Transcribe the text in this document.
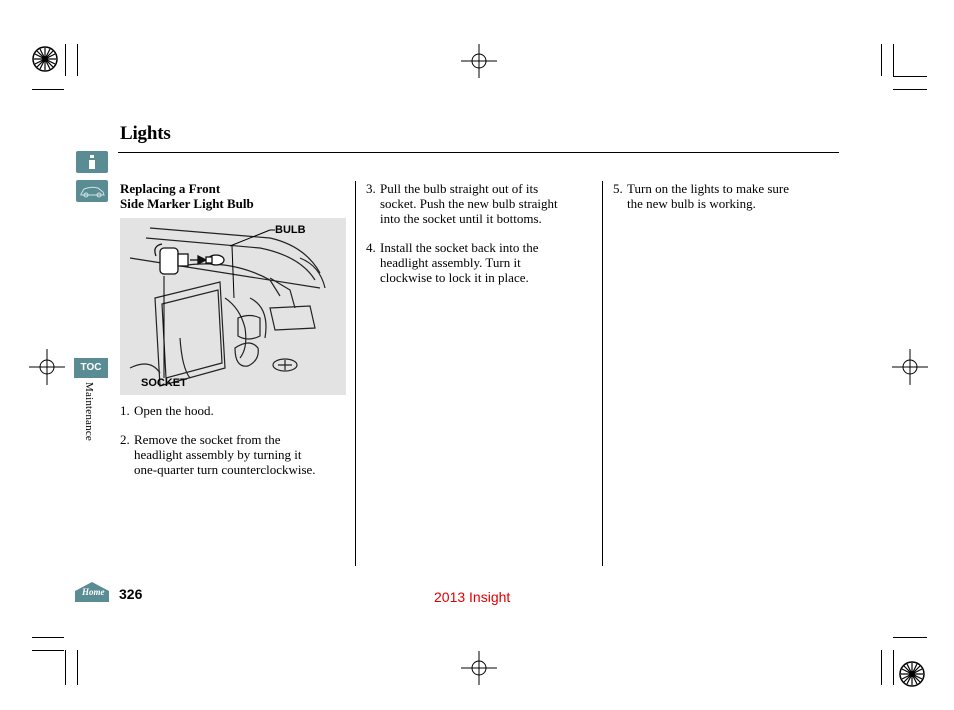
Lights
TOC
Maintenance
Home
Replacing a Front
Side Marker Light Bulb
BULB
SOCKET
1. Open the hood.
2. Remove the socket from the
headlight assembly by turning it
one-quarter turn counterclockwise.
3. Pull the bulb straight out of its
socket. Push the new bulb straight
into the socket until it bottoms.
4. Install the socket back into the
headlight assembly. Turn it
clockwise to lock it in place.
5. Turn on the lights to make sure
the new bulb is working.
326	2013 Insight
